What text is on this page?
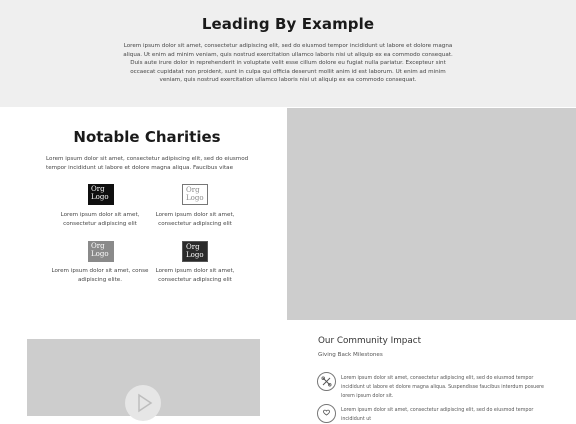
Leading By Example

Lorem ipsum dolor sit amet, consectetur adipiscing elit, sed do eiusmod tempor incididunt ut labore et dolore magna aliqua. Ut enim ad minim veniam, quis nostrud exercitation ullamco laboris nisi ut aliquip ex ea commodo consequat. Duis aute irure dolor in reprehenderit in voluptate velit esse cillum dolore eu fugiat nulla pariatur. Excepteur sint occaecat cupidatat non proident, sunt in culpa qui officia deserunt mollit anim id est laborum. Ut enim ad minim veniam, quis nostrud exercitation ullamco laboris nisi ut aliquip ex ea commodo consequat.

Notable Charities

Lorem ipsum dolor sit amet, consectetur adipiscing elit, sed do eiusmod tempor incididunt ut labore et dolore magna aliqua. Faucibus vitae

Org
Logo
Lorem ipsum dolor sit amet, consectetur adipiscing elit
Org
Logo
Lorem ipsum dolor sit amet, consectetur adipiscing elit
Org
Logo
Lorem ipsum dolor sit amet, conse adipiscing elite.
Org
Logo
Lorem ipsum dolor sit amet, consectetur adipiscing elit
Our Community Impact
Giving Back Milestones
Lorem ipsum dolor sit amet, consectetur adipiscing elit, sed do eiusmod tempor incididunt ut labore et dolore magna aliqua. Suspendisse faucibus interdum posuere lorem ipsum dolor sit.
Lorem ipsum dolor sit amet, consectetur adipiscing elit, sed do eiusmod tempor incididunt ut
